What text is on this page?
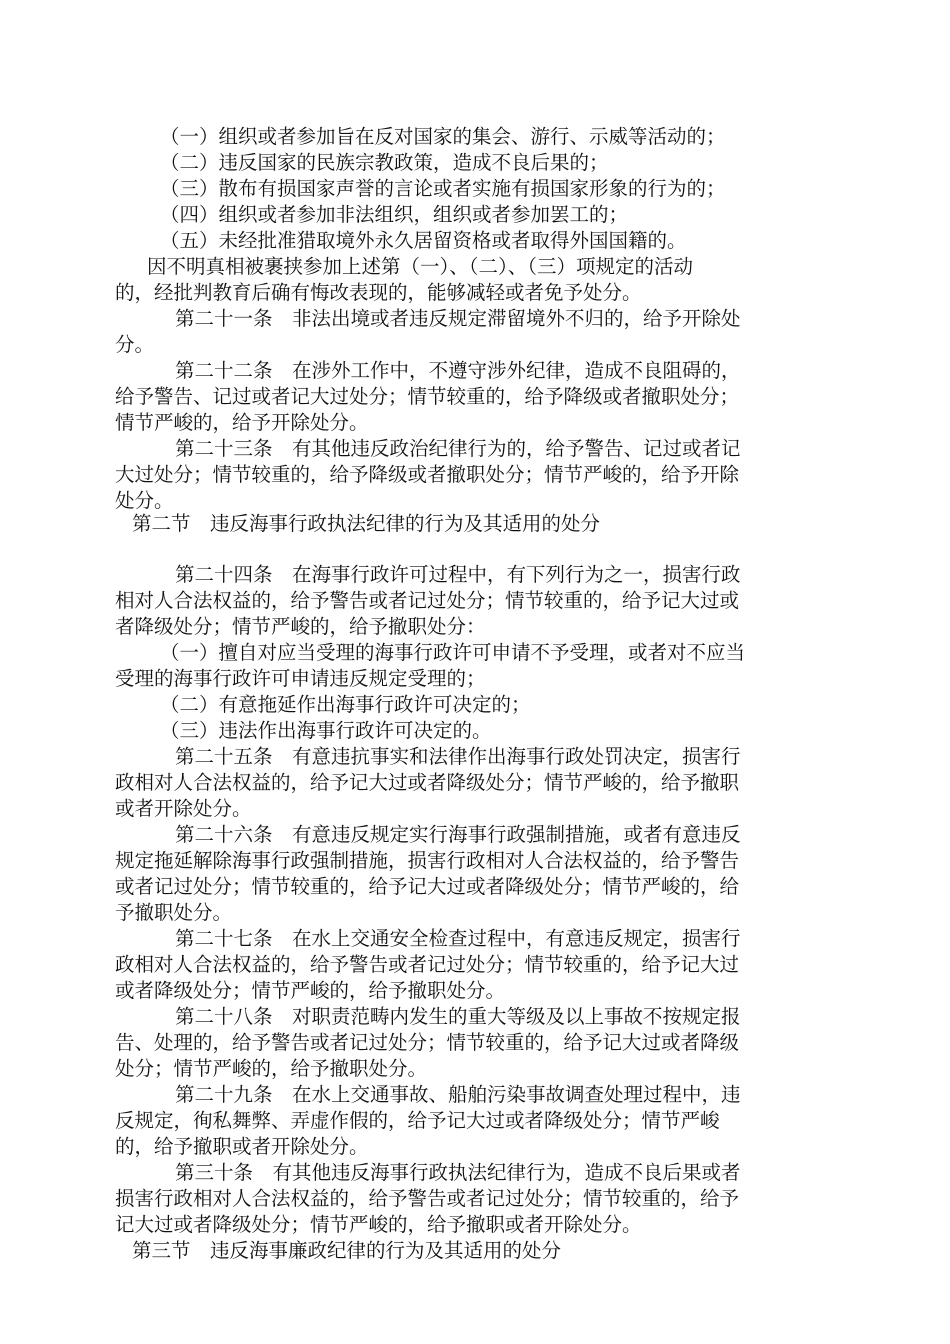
（一）组织或者参加旨在反对国家的集会、游行、示威等活动的；
（二）违反国家的民族宗教政策，造成不良后果的；
（三）散布有损国家声誉的言论或者实施有损国家形象的行为的；
（四）组织或者参加非法组织，组织或者参加罢工的；
（五）未经批准猎取境外永久居留资格或者取得外国国籍的。
因不明真相被裹挟参加上述第（一）、（二）、（三）项规定的活动
的，经批判教育后确有悔改表现的，能够减轻或者免予处分。
第二十一条　非法出境或者违反规定滞留境外不归的，给予开除处
分。
第二十二条　在涉外工作中，不遵守涉外纪律，造成不良阻碍的，
给予警告、记过或者记大过处分；情节较重的，给予降级或者撤职处分；
情节严峻的，给予开除处分。
第二十三条　有其他违反政治纪律行为的，给予警告、记过或者记
大过处分；情节较重的，给予降级或者撤职处分；情节严峻的，给予开除
处分。
第二节　违反海事行政执法纪律的行为及其适用的处分
第二十四条　在海事行政许可过程中，有下列行为之一，损害行政
相对人合法权益的，给予警告或者记过处分；情节较重的，给予记大过或
者降级处分；情节严峻的，给予撤职处分：
（一）擅自对应当受理的海事行政许可申请不予受理，或者对不应当
受理的海事行政许可申请违反规定受理的；
（二）有意拖延作出海事行政许可决定的；
（三）违法作出海事行政许可决定的。
第二十五条　有意违抗事实和法律作出海事行政处罚决定，损害行
政相对人合法权益的，给予记大过或者降级处分；情节严峻的，给予撤职
或者开除处分。
第二十六条　有意违反规定实行海事行政强制措施，或者有意违反
规定拖延解除海事行政强制措施，损害行政相对人合法权益的，给予警告
或者记过处分；情节较重的，给予记大过或者降级处分；情节严峻的，给
予撤职处分。
第二十七条　在水上交通安全检查过程中，有意违反规定，损害行
政相对人合法权益的，给予警告或者记过处分；情节较重的，给予记大过
或者降级处分；情节严峻的，给予撤职处分。
第二十八条　对职责范畴内发生的重大等级及以上事故不按规定报
告、处理的，给予警告或者记过处分；情节较重的，给予记大过或者降级
处分；情节严峻的，给予撤职处分。
第二十九条　在水上交通事故、船舶污染事故调查处理过程中，违
反规定，徇私舞弊、弄虚作假的，给予记大过或者降级处分；情节严峻
的，给予撤职或者开除处分。
第三十条　有其他违反海事行政执法纪律行为，造成不良后果或者
损害行政相对人合法权益的，给予警告或者记过处分；情节较重的，给予
记大过或者降级处分；情节严峻的，给予撤职或者开除处分。
第三节　违反海事廉政纪律的行为及其适用的处分
